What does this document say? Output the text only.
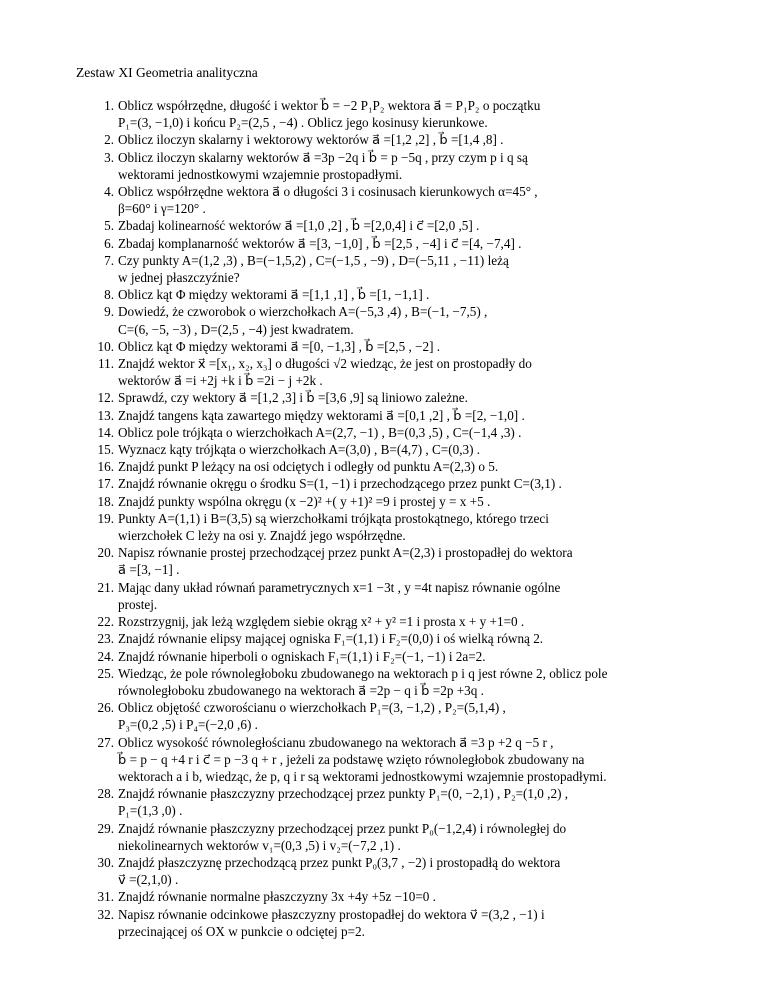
Zestaw XI Geometria analityczna
1. Oblicz współrzędne, długość i wektor b⃗ = −2 P₁P₂ wektora a⃗ = P₁P₂ o początku
P₁=(3, −1,0) i końcu P₂=(2,5 , −4) . Oblicz jego kosinusy kierunkowe.
2. Oblicz iloczyn skalarny i wektorowy wektorów a⃗ =[1,2 ,2] , b⃗ =[1,4 ,8] .
3. Oblicz iloczyn skalarny wektorów a⃗ =3p −2q i b⃗ = p −5q , przy czym p i q są
wektorami jednostkowymi wzajemnie prostopadłymi.
4. Oblicz współrzędne wektora a⃗ o długości 3 i cosinusach kierunkowych α=45° ,
β=60° i γ=120° .
5. Zbadaj kolinearność wektorów a⃗ =[1,0 ,2] , b⃗ =[2,0,4] i c⃗ =[2,0 ,5] .
6. Zbadaj komplanarność wektorów a⃗ =[3, −1,0] , b⃗ =[2,5 , −4] i c⃗ =[4, −7,4] .
7. Czy punkty A=(1,2 ,3) , B=(−1,5,2) , C=(−1,5 , −9) , D=(−5,11 , −11) leżą
w jednej płaszczyźnie?
8. Oblicz kąt Φ między wektorami a⃗ =[1,1 ,1] , b⃗ =[1, −1,1] .
9. Dowiedź, że czworobok o wierzchołkach A=(−5,3 ,4) , B=(−1, −7,5) ,
C=(6, −5, −3) , D=(2,5 , −4) jest kwadratem.
10. Oblicz kąt Φ między wektorami a⃗ =[0, −1,3] , b⃗ =[2,5 , −2] .
11. Znajdź wektor x⃗ =[x₁, x₂, x₃] o długości √2 wiedząc, że jest on prostopadły do
wektorów a⃗ =i +2j +k i b⃗ =2i − j +2k .
12. Sprawdź, czy wektory a⃗ =[1,2 ,3] i b⃗ =[3,6 ,9] są liniowo zależne.
13. Znajdź tangens kąta zawartego między wektorami a⃗ =[0,1 ,2] , b⃗ =[2, −1,0] .
14. Oblicz pole trójkąta o wierzchołkach A=(2,7, −1) , B=(0,3 ,5) , C=(−1,4 ,3) .
15. Wyznacz kąty trójkąta o wierzchołkach A=(3,0) , B=(4,7) , C=(0,3) .
16. Znajdź punkt P leżący na osi odciętych i odległy od punktu A=(2,3) o 5.
17. Znajdź równanie okręgu o środku S=(1, −1) i przechodzącego przez punkt C=(3,1) .
18. Znajdź punkty wspólna okręgu (x −2)² +( y +1)² =9 i prostej y = x +5 .
19. Punkty A=(1,1) i B=(3,5) są wierzchołkami trójkąta prostokątnego, którego trzeci
wierzchołek C leży na osi y. Znajdź jego współrzędne.
20. Napisz równanie prostej przechodzącej przez punkt A=(2,3) i prostopadłej do wektora
a⃗ =[3, −1] .
21. Mając dany układ równań parametrycznych x=1 −3t , y =4t napisz równanie ogólne
prostej.
22. Rozstrzygnij, jak leżą względem siebie okrąg x² + y² =1 i prosta x + y +1=0 .
23. Znajdź równanie elipsy mającej ogniska F₁=(1,1) i F₂=(0,0) i oś wielką równą 2.
24. Znajdź równanie hiperboli o ogniskach F₁=(1,1) i F₂=(−1, −1) i 2a=2.
25. Wiedząc, że pole równoległoboku zbudowanego na wektorach p i q jest równe 2, oblicz pole
równoległoboku zbudowanego na wektorach a⃗ =2p − q i b⃗ =2p +3q .
26. Oblicz objętość czworościanu o wierzchołkach P₁=(3, −1,2) , P₂=(5,1,4) ,
P₃=(0,2 ,5) i P₄=(−2,0 ,6) .
27. Oblicz wysokość równoległościanu zbudowanego na wektorach a⃗ =3 p +2 q −5 r ,
b⃗ = p − q +4 r i c⃗ = p −3 q + r , jeżeli za podstawę wzięto równoległobok zbudowany na
wektorach a i b, wiedząc, że p, q i r są wektorami jednostkowymi wzajemnie prostopadłymi.
28. Znajdź równanie płaszczyzny przechodzącej przez punkty P₁=(0, −2,1) , P₂=(1,0 ,2) ,
P₁=(1,3 ,0) .
29. Znajdź równanie płaszczyzny przechodzącej przez punkt P₀(−1,2,4) i równoległej do
niekolinearnych wektorów v₁=(0,3 ,5) i v₂=(−7,2 ,1) .
30. Znajdź płaszczyznę przechodzącą przez punkt P₀(3,7 , −2) i prostopadłą do wektora
v⃗ =(2,1,0) .
31. Znajdź równanie normalne płaszczyzny 3x +4y +5z −10=0 .
32. Napisz równanie odcinkowe płaszczyzny prostopadłej do wektora v⃗ =(3,2 , −1) i
przecinającej oś OX w punkcie o odciętej p=2.
